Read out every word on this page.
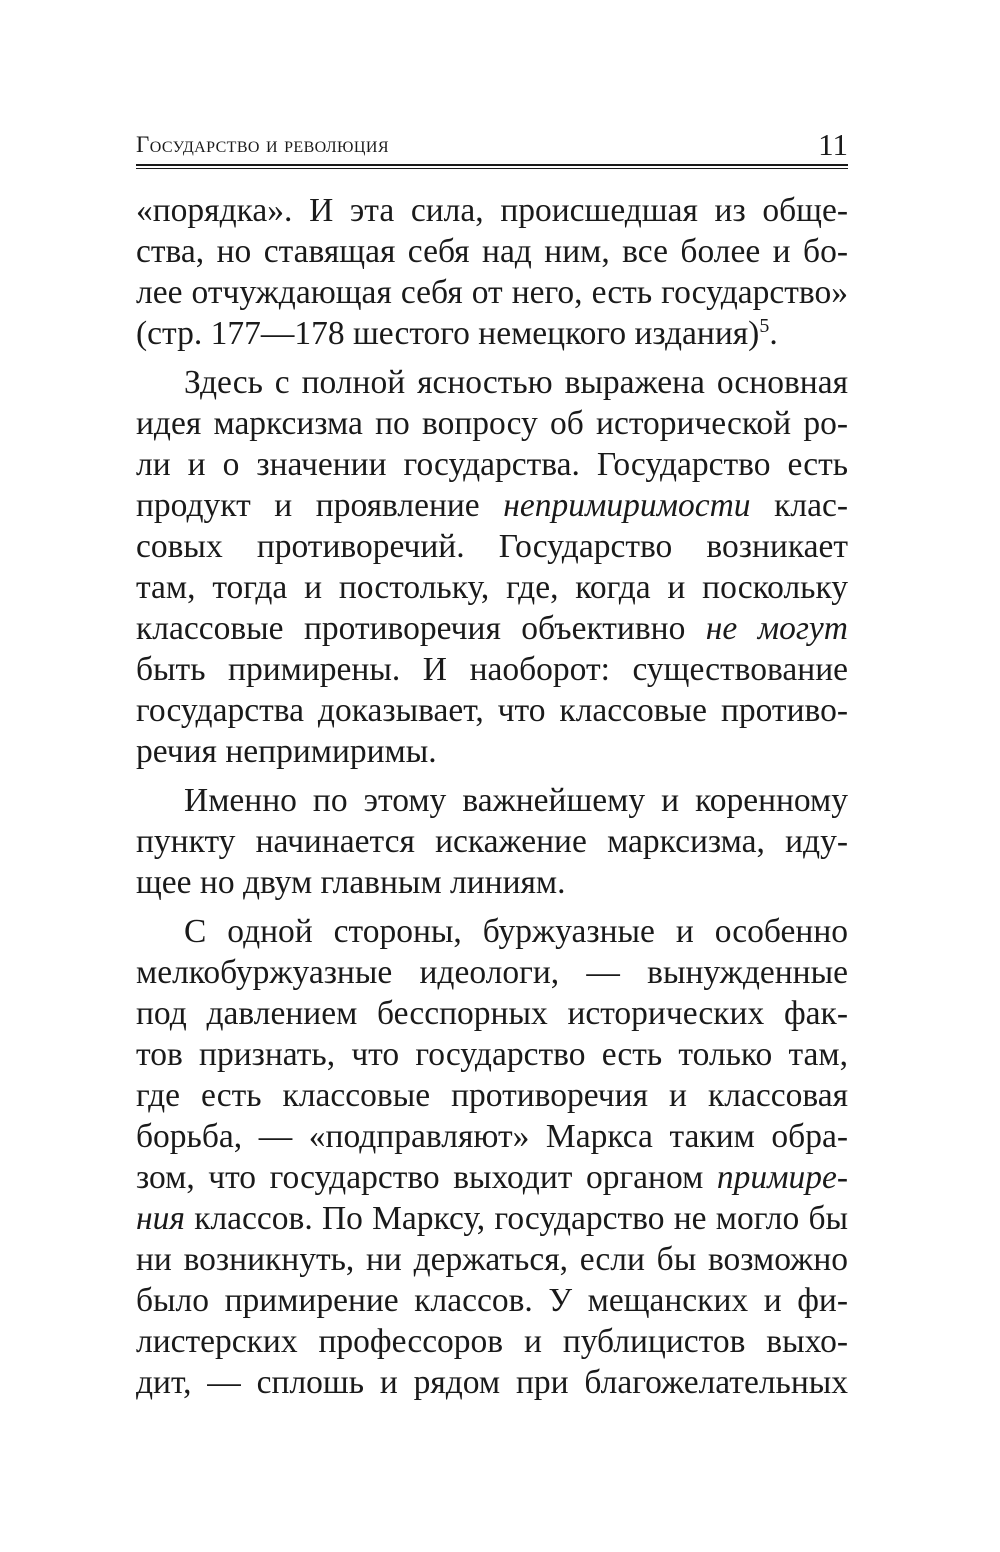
Государство и революция	11
«порядка». И эта сила, происшедшая из обще-
ства, но ставящая себя над ним, все более и бо-
лее отчуждающая себя от него, есть государство»
(стр. 177—178 шестого немецкого издания)$^5$.
Здесь с полной ясностью выражена основная
идея марксизма по вопросу об исторической ро-
ли и о значении государства. Государство есть
продукт и проявление непримиримости клас-
совых противоречий. Государство возникает
там, тогда и постольку, где, когда и поскольку
классовые противоречия объективно не могут
быть примирены. И наоборот: существование
государства доказывает, что классовые противо-
речия непримиримы.
Именно по этому важнейшему и коренному
пункту начинается искажение марксизма, иду-
щее но двум главным линиям.
С одной стороны, буржуазные и особенно
мелкобуржуазные идеологи, — вынужденные
под давлением бесспорных исторических фак-
тов признать, что государство есть только там,
где есть классовые противоречия и классовая
борьба, — «подправляют» Маркса таким обра-
зом, что государство выходит органом примире-
ния классов. По Марксу, государство не могло бы
ни возникнуть, ни держаться, если бы возможно
было примирение классов. У мещанских и фи-
листерских профессоров и публицистов выхо-
дит, — сплошь и рядом при благожелательных
